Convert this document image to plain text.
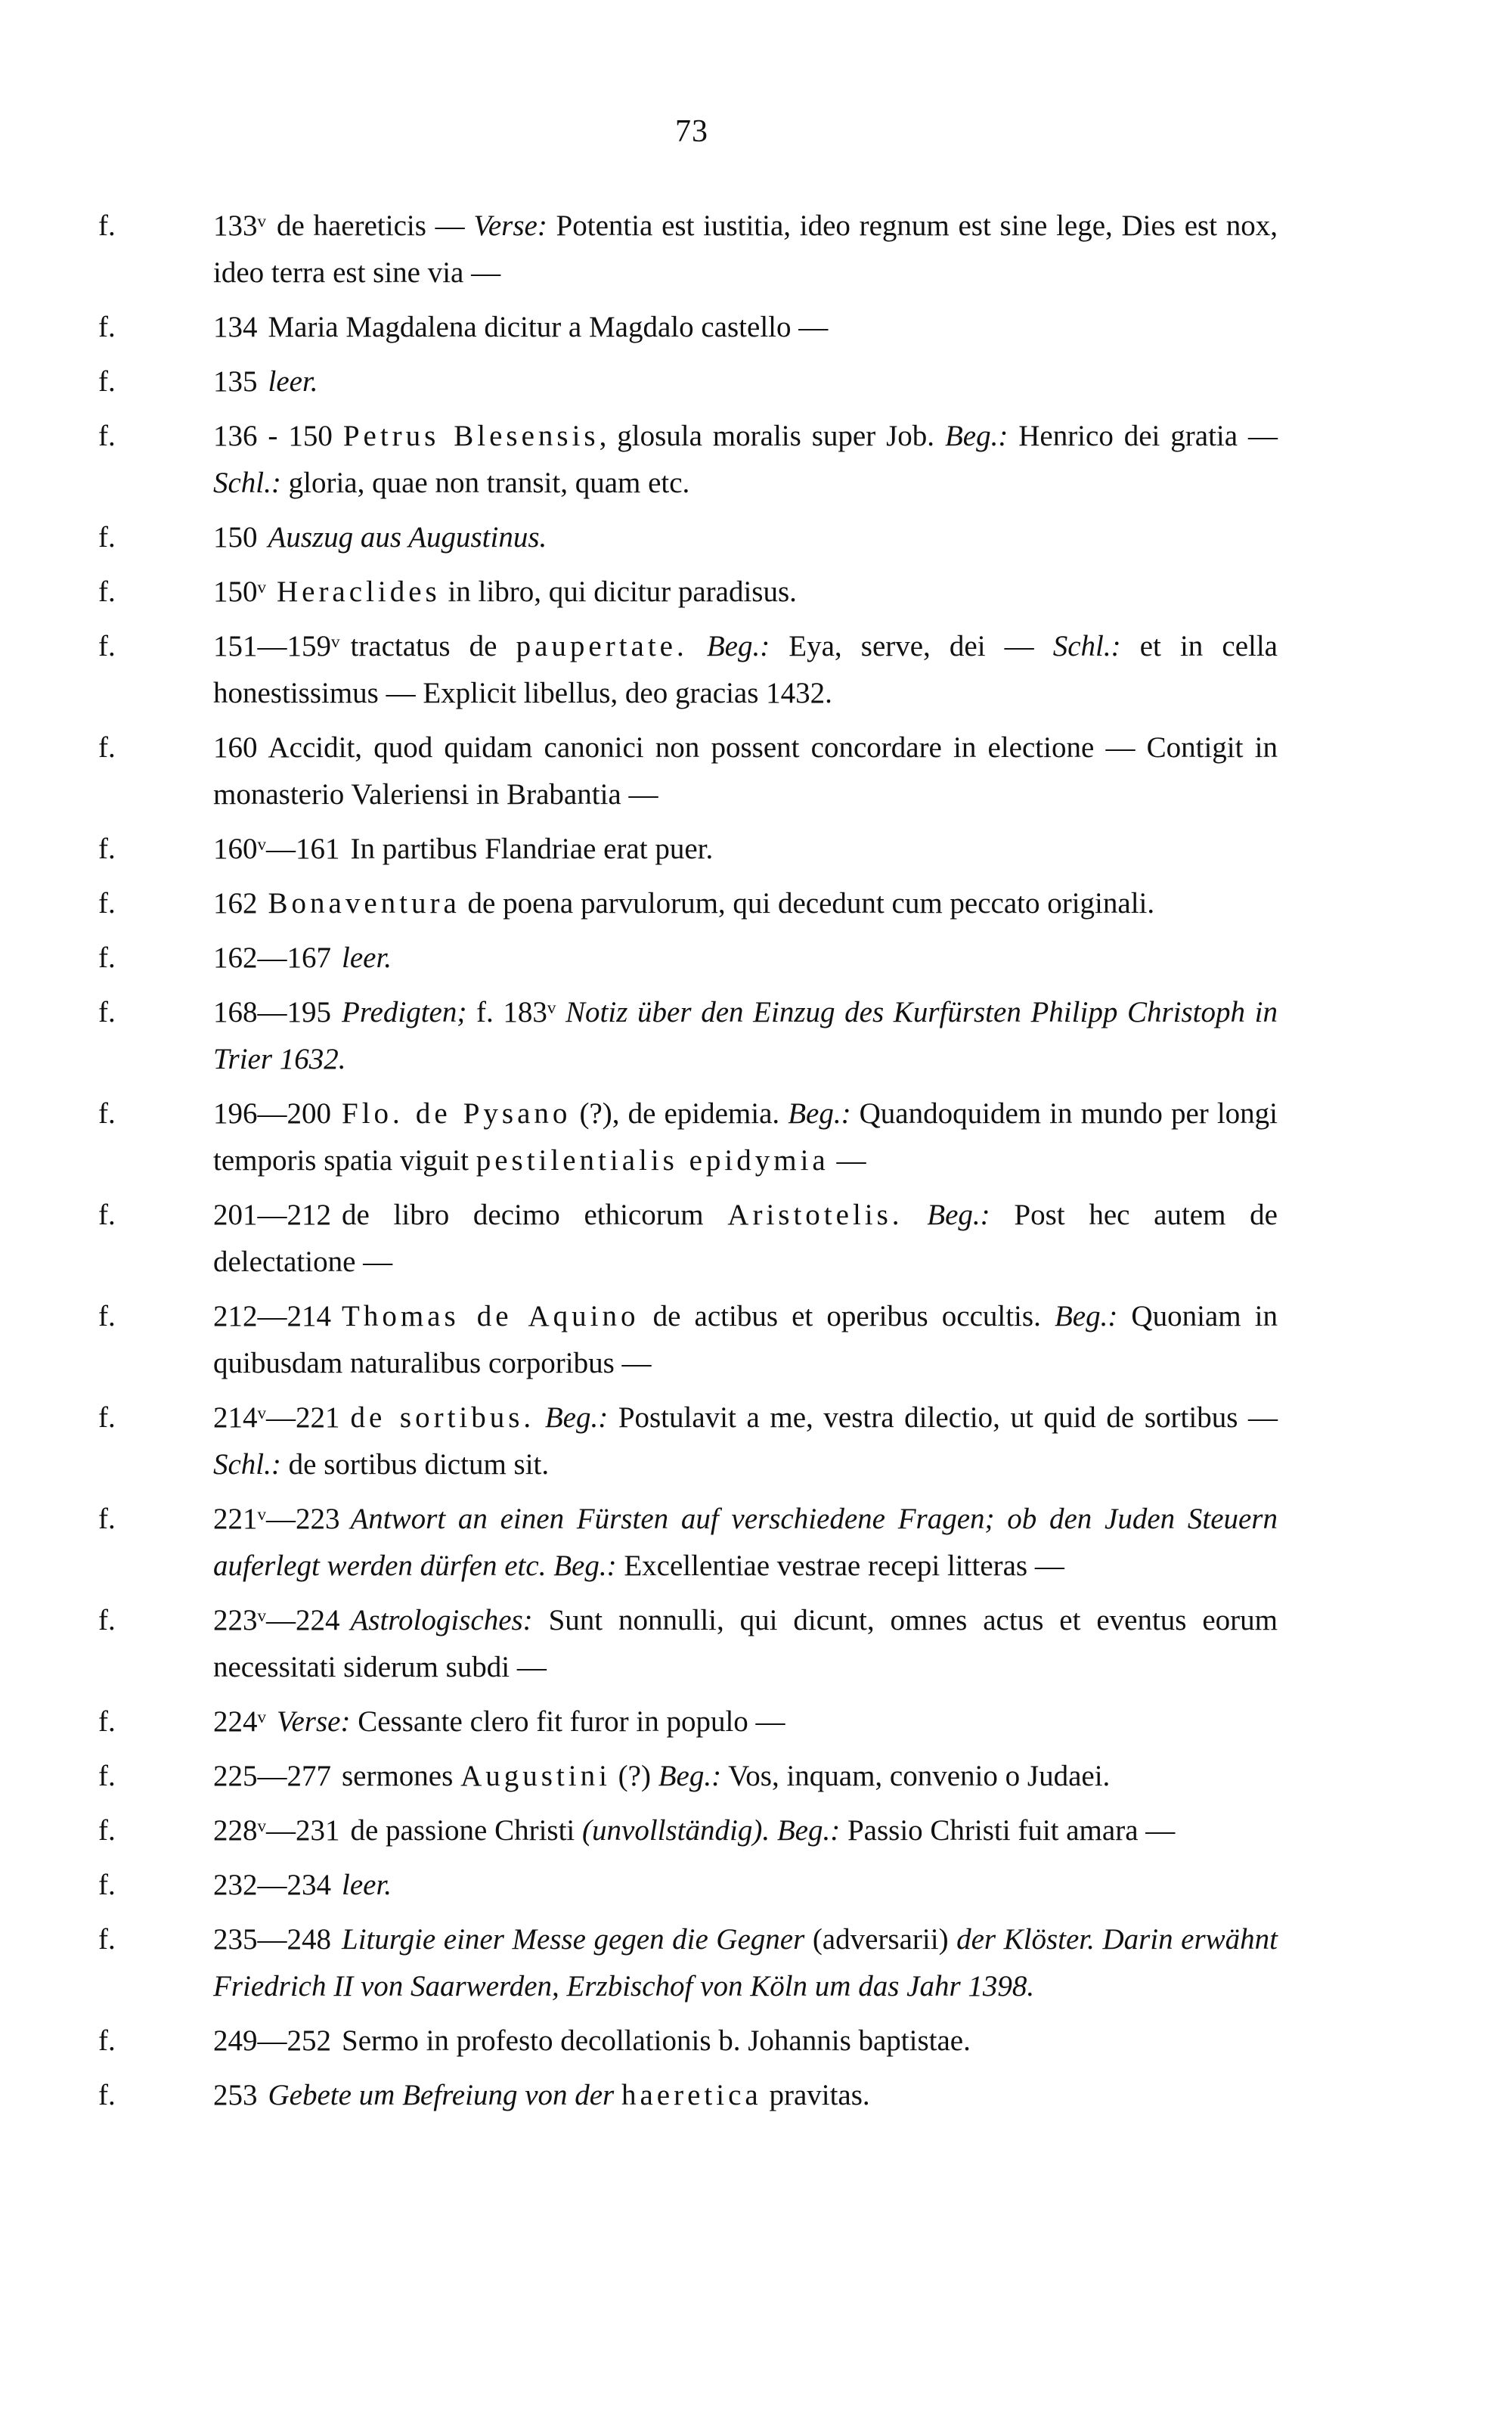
73
f.	133ᵛ de haereticis — Verse: Potentia est iustitia, ideo regnum est sine lege, Dies est nox, ideo terra est sine via —
f.	134 Maria Magdalena dicitur a Magdalo castello —
f.	135 leer.
f.	136 - 150 Petrus Blesensis, glosula moralis super Job. Beg.: Henrico dei gratia — Schl.: gloria, quae non transit, quam etc.
f.	150 Auszug aus Augustinus.
f.	150ᵛ Heraclides in libro, qui dicitur paradisus.
f.	151—159ᵛ tractatus de paupertate. Beg.: Eya, serve, dei — Schl.: et in cella honestissimus — Explicit libellus, deo gracias 1432.
f.	160 Accidit, quod quidam canonici non possent concordare in electione — Contigit in monasterio Valeriensi in Brabantia —
f.	160ᵛ—161 In partibus Flandriae erat puer.
f.	162 Bonaventura de poena parvulorum, qui decedunt cum peccato originali.
f.	162—167 leer.
f.	168—195 Predigten; f. 183ᵛ Notiz über den Einzug des Kurfürsten Philipp Christoph in Trier 1632.
f.	196—200 Flo. de Pysano (?), de epidemia. Beg.: Quandoquidem in mundo per longi temporis spatia viguit pestilentialis epidymia —
f.	201—212 de libro decimo ethicorum Aristotelis. Beg.: Post hec autem de delectatione —
f.	212—214 Thomas de Aquino de actibus et operibus occultis. Beg.: Quoniam in quibusdam naturalibus corporibus —
f.	214ᵛ—221 de sortibus. Beg.: Postulavit a me, vestra dilectio, ut quid de sortibus — Schl.: de sortibus dictum sit.
f.	221ᵛ—223 Antwort an einen Fürsten auf verschiedene Fragen; ob den Juden Steuern auferlegt werden dürfen etc. Beg.: Excellentiae vestrae recepi litteras —
f.	223ᵛ—224 Astrologisches: Sunt nonnulli, qui dicunt, omnes actus et eventus eorum necessitati siderum subdi —
f.	224ᵛ Verse: Cessante clero fit furor in populo —
f.	225—277 sermones Augustini (?) Beg.: Vos, inquam, convenio o Judaei.
f.	228ᵛ—231 de passione Christi (unvollständig). Beg.: Passio Christi fuit amara —
f.	232—234 leer.
f.	235—248 Liturgie einer Messe gegen die Gegner (adversarii) der Klöster. Darin erwähnt Friedrich II von Saarwerden, Erzbischof von Köln um das Jahr 1398.
f.	249—252 Sermo in profesto decollationis b. Johannis baptistae.
f.	253 Gebete um Befreiung von der haeretica pravitas.
